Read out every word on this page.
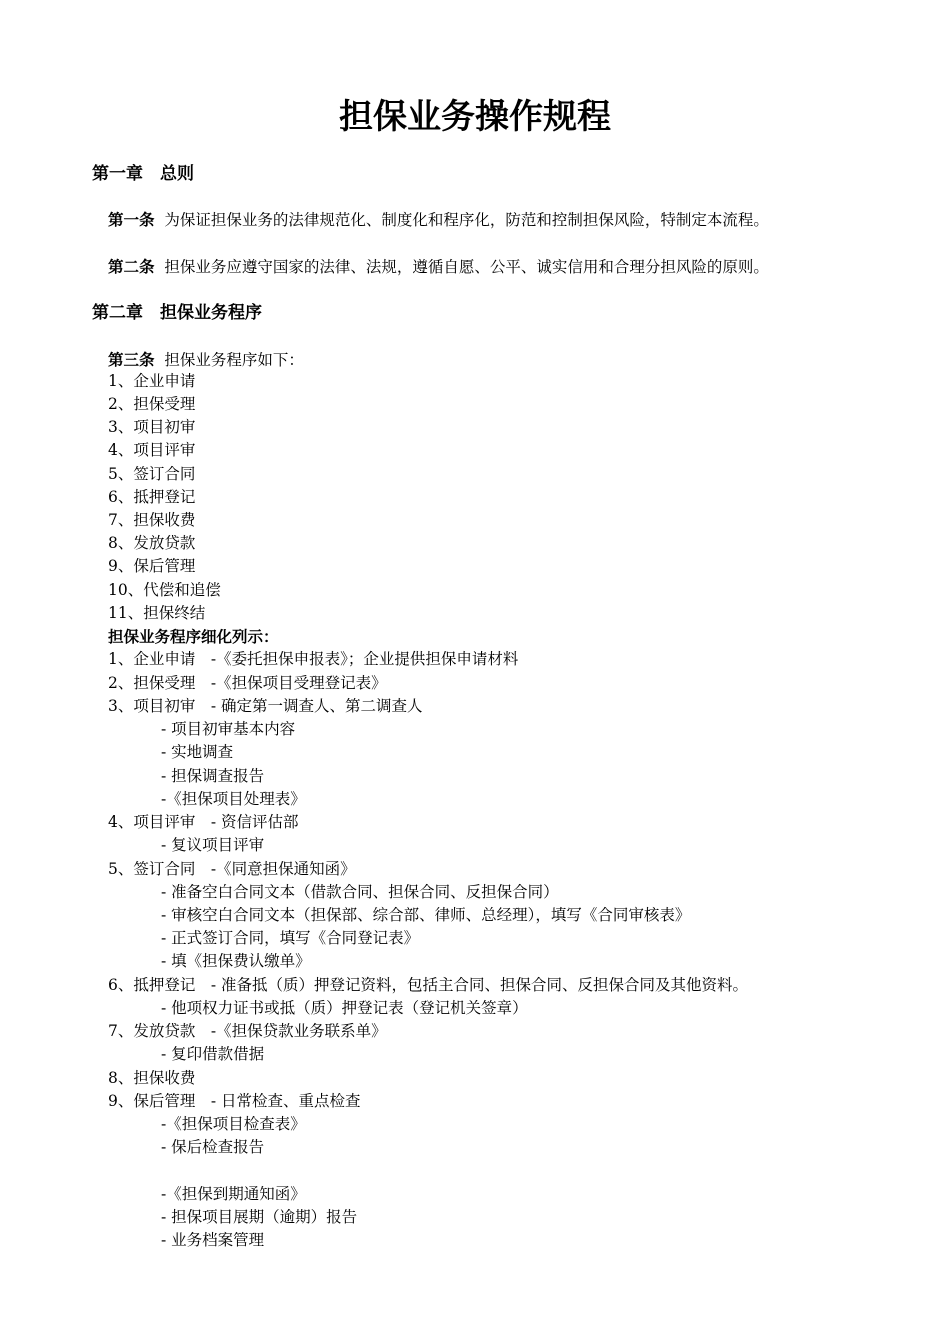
担保业务操作规程
第一章　总则
第一条 为保证担保业务的法律规范化、制度化和程序化，防范和控制担保风险，特制定本流程。
第二条 担保业务应遵守国家的法律、法规，遵循自愿、公平、诚实信用和合理分担风险的原则。
第二章　担保业务程序
第三条 担保业务程序如下：
1、企业申请
2、担保受理
3、项目初审
4、项目评审
5、签订合同
6、抵押登记
7、担保收费
8、发放贷款
9、保后管理
10、代偿和追偿
11、担保终结
担保业务程序细化列示：
1、企业申请　-《委托担保申报表》；企业提供担保申请材料
2、担保受理　-《担保项目受理登记表》
3、项目初审　- 确定第一调查人、第二调查人
- 项目初审基本内容
- 实地调查
- 担保调查报告
-《担保项目处理表》
4、项目评审　- 资信评估部
- 复议项目评审
5、签订合同　-《同意担保通知函》
- 准备空白合同文本（借款合同、担保合同、反担保合同）
- 审核空白合同文本（担保部、综合部、律师、总经理），填写《合同审核表》
- 正式签订合同，填写《合同登记表》
- 填《担保费认缴单》
6、抵押登记　- 准备抵（质）押登记资料，包括主合同、担保合同、反担保合同及其他资料。
- 他项权力证书或抵（质）押登记表（登记机关签章）
7、发放贷款　-《担保贷款业务联系单》
- 复印借款借据
8、担保收费
9、保后管理　- 日常检查、重点检查
-《担保项目检查表》
- 保后检查报告
-《担保到期通知函》
- 担保项目展期（逾期）报告
- 业务档案管理
